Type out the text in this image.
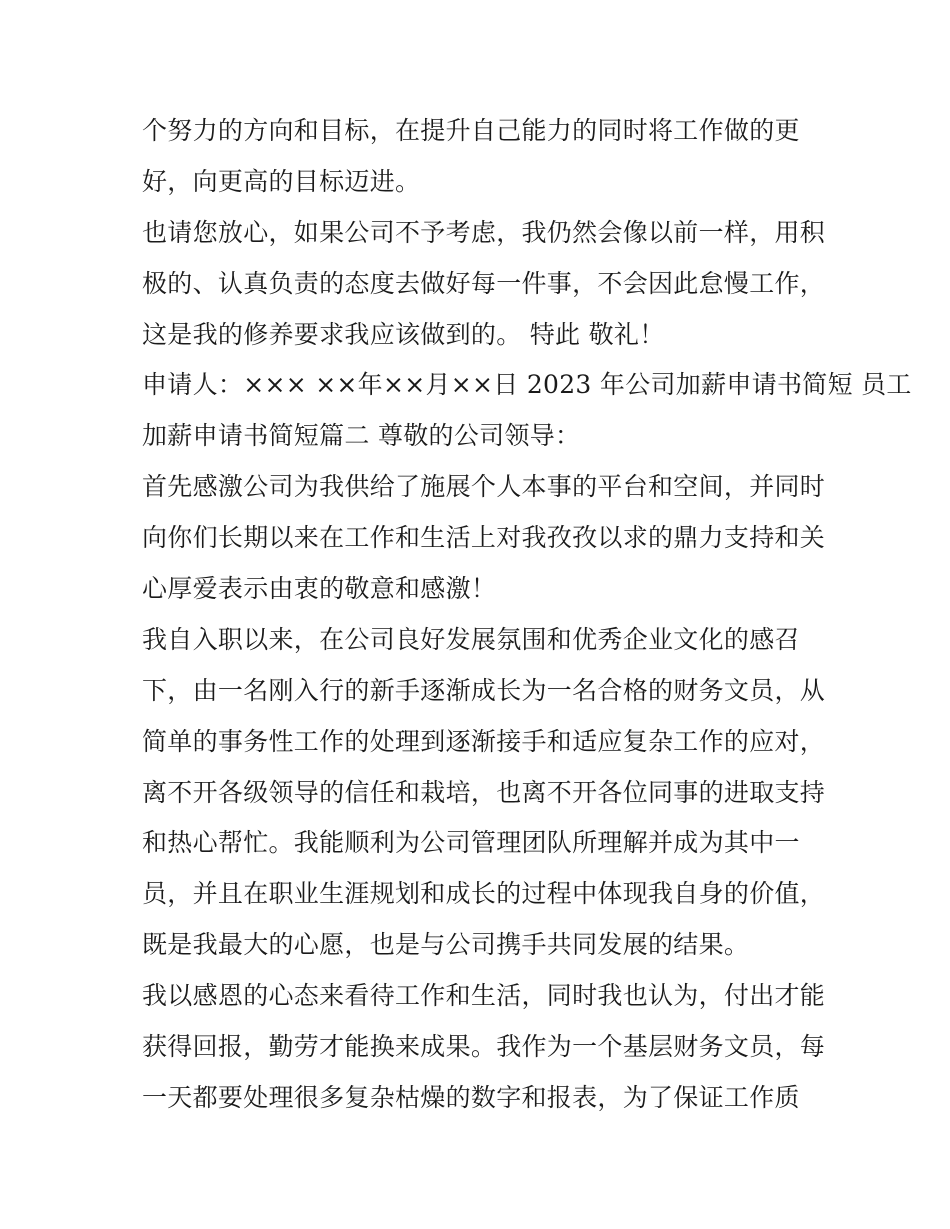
个努力的方向和目标，在提升自己能力的同时将工作做的更

好，向更高的目标迈进。

也请您放心，如果公司不予考虑，我仍然会像以前一样，用积

极的、认真负责的态度去做好每一件事，不会因此怠慢工作，

这是我的修养要求我应该做到的。 特此 敬礼！

申请人：××× ××年××月××日 2023 年公司加薪申请书简短 员工

加薪申请书简短篇二 尊敬的公司领导：

首先感激公司为我供给了施展个人本事的平台和空间，并同时

向你们长期以来在工作和生活上对我孜孜以求的鼎力支持和关

心厚爱表示由衷的敬意和感激！

我自入职以来，在公司良好发展氛围和优秀企业文化的感召

下，由一名刚入行的新手逐渐成长为一名合格的财务文员，从

简单的事务性工作的处理到逐渐接手和适应复杂工作的应对，

离不开各级领导的信任和栽培，也离不开各位同事的进取支持

和热心帮忙。我能顺利为公司管理团队所理解并成为其中一

员，并且在职业生涯规划和成长的过程中体现我自身的价值，

既是我最大的心愿，也是与公司携手共同发展的结果。

我以感恩的心态来看待工作和生活，同时我也认为，付出才能

获得回报，勤劳才能换来成果。我作为一个基层财务文员，每

一天都要处理很多复杂枯燥的数字和报表，为了保证工作质
